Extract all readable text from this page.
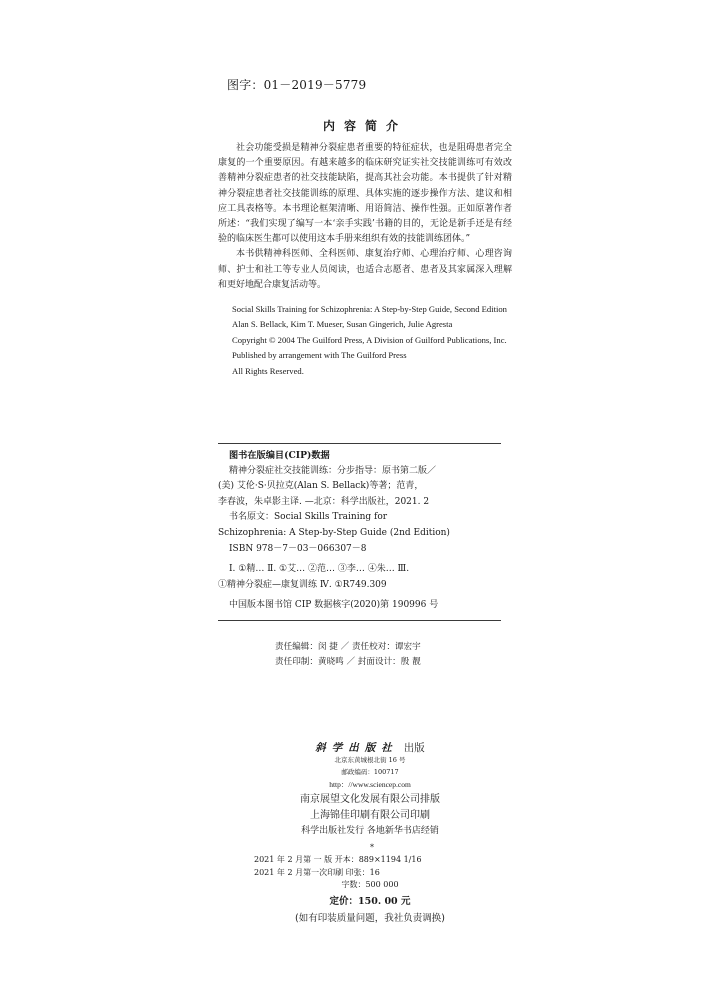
图字：01－2019－5779
内容简介

社会功能受损是精神分裂症患者重要的特征症状，也是阻碍患者完全康复的一个重要原因。有越来越多的临床研究证实社交技能训练可有效改善精神分裂症患者的社交技能缺陷，提高其社会功能。本书提供了针对精神分裂症患者社交技能训练的原理、具体实施的逐步操作方法、建议和相应工具表格等。本书理论框架清晰、用语简洁、操作性强。正如原著作者所述：“我们实现了编写一本‘亲手实践’书籍的目的，无论是新手还是有经验的临床医生都可以使用这本手册来组织有效的技能训练团体。”

本书供精神科医师、全科医师、康复治疗师、心理治疗师、心理咨询师、护士和社工等专业人员阅读，也适合志愿者、患者及其家属深入理解和更好地配合康复活动等。

Social Skills Training for Schizophrenia: A Step-by-Step Guide, Second Edition

Alan S. Bellack, Kim T. Mueser, Susan Gingerich, Julie Agresta

Copyright © 2004 The Guilford Press, A Division of Guilford Publications, Inc.

Published by arrangement with The Guilford Press

All Rights Reserved.

图书在版编目(CIP)数据
精神分裂症社交技能训练：分步指导：原书第二版／
(美) 艾伦·S·贝拉克(Alan S. Bellack)等著；范青，
李春波，朱卓影主译. —北京：科学出版社，2021. 2
书名原文：Social Skills Training for
Schizophrenia: A Step-by-Step Guide (2nd Edition)
ISBN 978－7－03－066307－8
Ⅰ. ①精… Ⅱ. ①艾… ②范… ③李… ④朱… Ⅲ.
①精神分裂症—康复训练 Ⅳ. ①R749.309
中国版本图书馆 CIP 数据核字(2020)第 190996 号
责任编辑：闵 捷 ／ 责任校对：谭宏宇
责任印制：黄晓鸣 ／ 封面设计：殷 靓
斜学出版社 出版
北京东黄城根北街 16 号
邮政编码：100717
http：//www.sciencep.com
南京展望文化发展有限公司排版
上海锦佳印刷有限公司印刷
科学出版社发行 各地新华书店经销
*
2021 年 2 月第 一 版 开本：889×1194 1/16
2021 年 2 月第一次印刷 印张：16
字数：500 000
定价：150. 00 元
(如有印装质量问题，我社负责调换)
